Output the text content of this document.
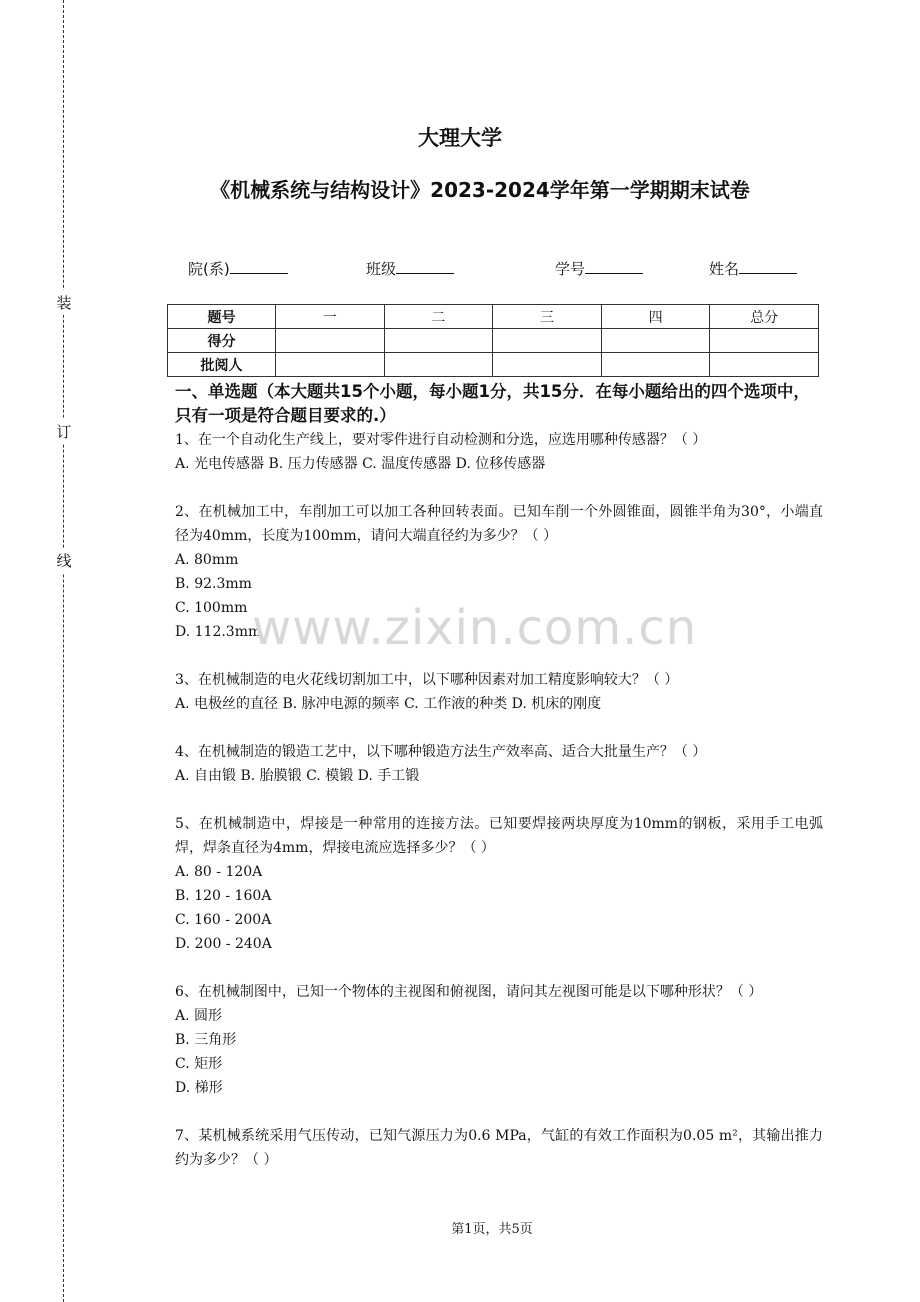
装
订
线
大理大学
《机械系统与结构设计》2023-2024学年第一学期期末试卷
院(系)	班级	学号	姓名
题号	一	二	三	四	总分
得分					
批阅人					

一、单选题（本大题共15个小题，每小题1分，共15分．在每小题给出的四个选项中，只有一项是符合题目要求的.）

1、在一个自动化生产线上，要对零件进行自动检测和分选，应选用哪种传感器？（ ）

A. 光电传感器 B. 压力传感器 C. 温度传感器 D. 位移传感器

2、在机械加工中，车削加工可以加工各种回转表面。已知车削一个外圆锥面，圆锥半角为30°，小端直径为40mm，长度为100mm，请问大端直径约为多少？（ ）

A. 80mm

B. 92.3mm

C. 100mm

D. 112.3mm

3、在机械制造的电火花线切割加工中，以下哪种因素对加工精度影响较大？（ ）

A. 电极丝的直径 B. 脉冲电源的频率 C. 工作液的种类 D. 机床的刚度

4、在机械制造的锻造工艺中，以下哪种锻造方法生产效率高、适合大批量生产？（ ）

A. 自由锻 B. 胎膜锻 C. 模锻 D. 手工锻

5、在机械制造中，焊接是一种常用的连接方法。已知要焊接两块厚度为10mm的钢板，采用手工电弧焊，焊条直径为4mm，焊接电流应选择多少？（ ）

A. 80 - 120A

B. 120 - 160A

C. 160 - 200A

D. 200 - 240A

6、在机械制图中，已知一个物体的主视图和俯视图，请问其左视图可能是以下哪种形状？（ ）

A. 圆形

B. 三角形

C. 矩形

D. 梯形

7、某机械系统采用气压传动，已知气源压力为0.6 MPa，气缸的有效工作面积为0.05 m²，其输出推力约为多少？（ ）

www.zixin.com.cn
第1页，共5页
